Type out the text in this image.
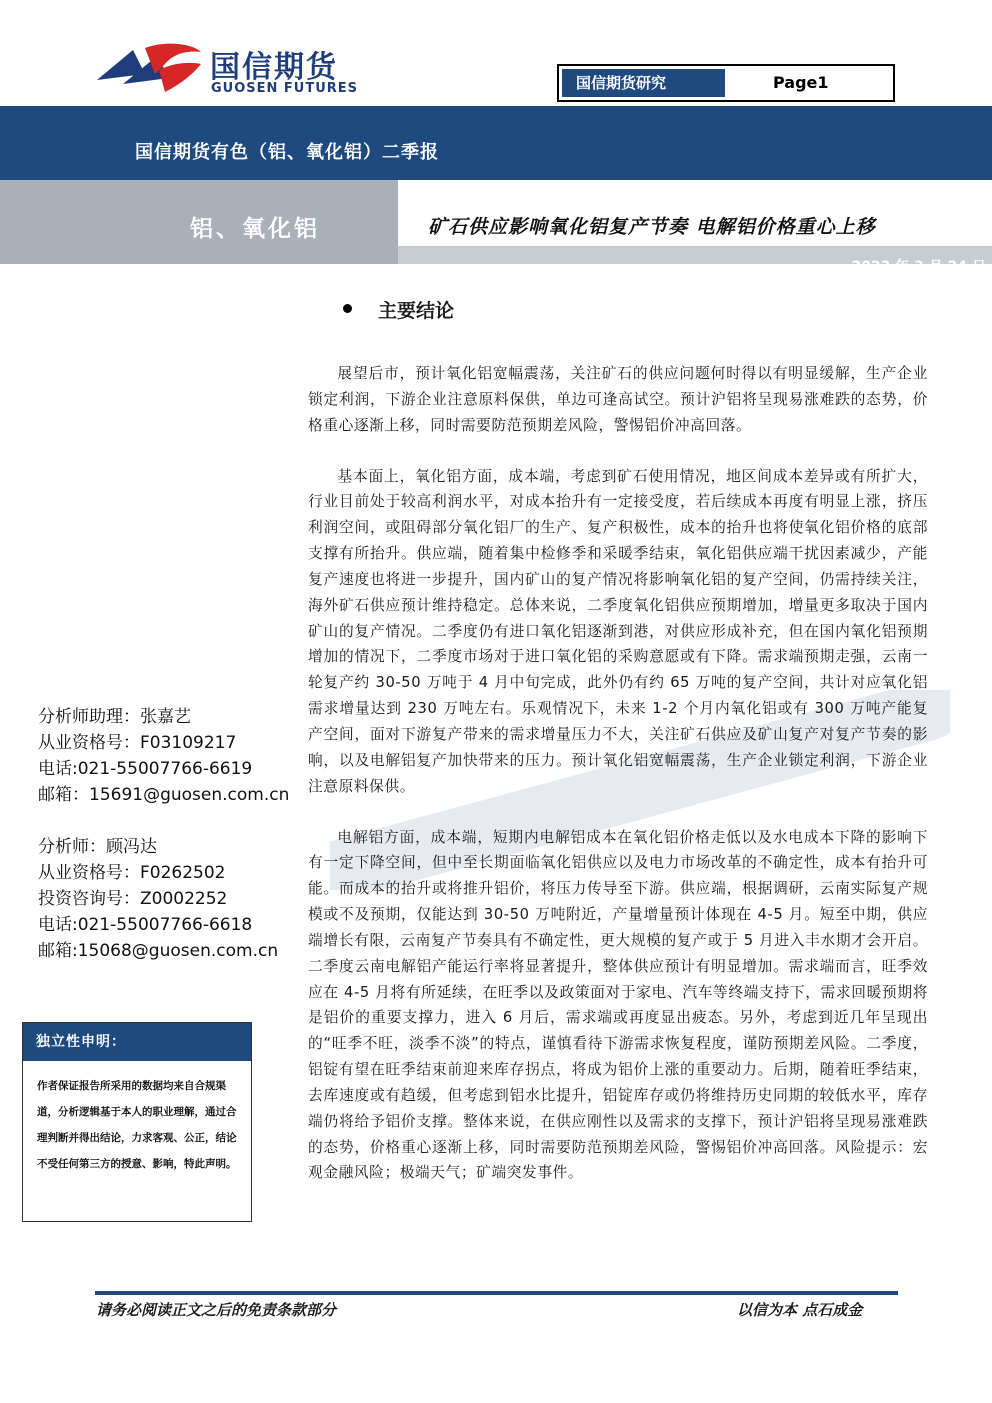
国信期货
GUOSEN FUTURES	国信期货研究	Page1
国信期货有色（铝、氧化铝）二季报
铝、氧化铝	矿石供应影响氧化铝复产节奏 电解铝价格重心上移
2023 年 3 月 24 日
主要结论

展望后市，预计氧化铝宽幅震荡，关注矿石的供应问题何时得以有明显缓解，生产企业锁定利润，下游企业注意原料保供，单边可逢高试空。预计沪铝将呈现易涨难跌的态势，价格重心逐渐上移，同时需要防范预期差风险，警惕铝价冲高回落。

基本面上，氧化铝方面，成本端，考虑到矿石使用情况，地区间成本差异或有所扩大，行业目前处于较高利润水平，对成本抬升有一定接受度，若后续成本再度有明显上涨，挤压利润空间，或阻碍部分氧化铝厂的生产、复产积极性，成本的抬升也将使氧化铝价格的底部支撑有所抬升。供应端，随着集中检修季和采暖季结束，氧化铝供应端干扰因素减少，产能复产速度也将进一步提升，国内矿山的复产情况将影响氧化铝的复产空间，仍需持续关注，海外矿石供应预计维持稳定。总体来说，二季度氧化铝供应预期增加，增量更多取决于国内矿山的复产情况。二季度仍有进口氧化铝逐渐到港，对供应形成补充，但在国内氧化铝预期增加的情况下，二季度市场对于进口氧化铝的采购意愿或有下降。需求端预期走强，云南一轮复产约 30-50 万吨于 4 月中旬完成，此外仍有约 65 万吨的复产空间，共计对应氧化铝需求增量达到 230 万吨左右。乐观情况下，未来 1-2 个月内氧化铝或有 300 万吨产能复产空间，面对下游复产带来的需求增量压力不大，关注矿石供应及矿山复产对复产节奏的影响，以及电解铝复产加快带来的压力。预计氧化铝宽幅震荡，生产企业锁定利润，下游企业注意原料保供。

电解铝方面，成本端，短期内电解铝成本在氧化铝价格走低以及水电成本下降的影响下有一定下降空间，但中至长期面临氧化铝供应以及电力市场改革的不确定性，成本有抬升可能。而成本的抬升或将推升铝价，将压力传导至下游。供应端，根据调研，云南实际复产规模或不及预期，仅能达到 30-50 万吨附近，产量增量预计体现在 4-5 月。短至中期，供应端增长有限，云南复产节奏具有不确定性，更大规模的复产或于 5 月进入丰水期才会开启。二季度云南电解铝产能运行率将显著提升，整体供应预计有明显增加。需求端而言，旺季效应在 4-5 月将有所延续，在旺季以及政策面对于家电、汽车等终端支持下，需求回暖预期将是铝价的重要支撑力，进入 6 月后，需求端或再度显出疲态。另外，考虑到近几年呈现出的“旺季不旺，淡季不淡”的特点，谨慎看待下游需求恢复程度，谨防预期差风险。二季度，铝锭有望在旺季结束前迎来库存拐点，将成为铝价上涨的重要动力。后期，随着旺季结束，去库速度或有趋缓，但考虑到铝水比提升，铝锭库存或仍将维持历史同期的较低水平，库存端仍将给予铝价支撑。整体来说，在供应刚性以及需求的支撑下，预计沪铝将呈现易涨难跌的态势，价格重心逐渐上移，同时需要防范预期差风险，警惕铝价冲高回落。风险提示：宏观金融风险；极端天气；矿端突发事件。

分析师助理：张嘉艺
从业资格号：F03109217
电话:021-55007766-6619
邮箱：15691@guosen.com.cn
分析师：顾冯达
从业资格号：F0262502
投资咨询号：Z0002252
电话:021-55007766-6618
邮箱:15068@guosen.com.cn
独立性申明：
作者保证报告所采用的数据均来自合规渠道，分析逻辑基于本人的职业理解，通过合理判断并得出结论，力求客观、公正，结论不受任何第三方的授意、影响，特此声明。
请务必阅读正文之后的免责条款部分	以信为本 点石成金
